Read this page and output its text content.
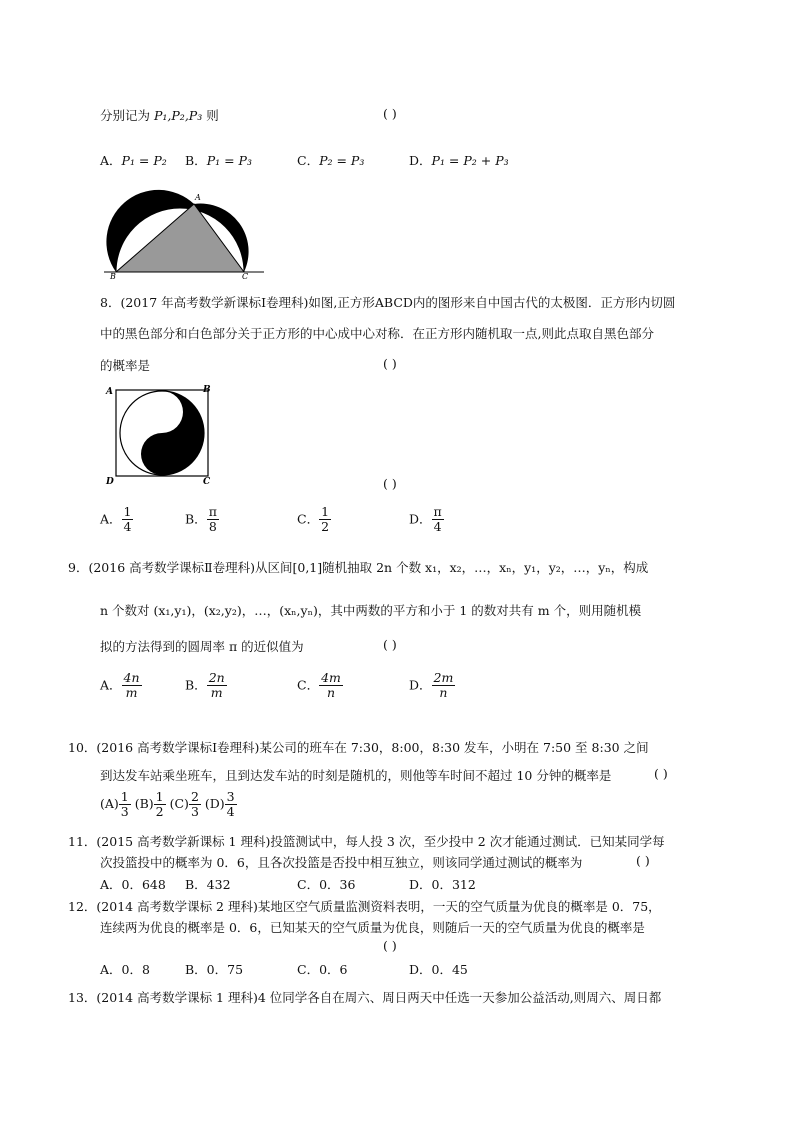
分别记为 P₁,P₂,P₃ 则	( )
A．P₁ = P₂ B．P₁ = P₃	C．P₂ = P₃	D．P₁ = P₂ + P₃
A
B	C
8．(2017 年高考数学新课标Ⅰ卷理科)如图,正方形ABCD内的图形来自中国古代的太极图．正方形内切圆
中的黑色部分和白色部分关于正方形的中心成中心对称．在正方形内随机取一点,则此点取自黑色部分
的概率是	( )
A	B
C
D	( )
A． $\frac{1}{4}$	B． $\frac{\pi}{8}$	C． $\frac{1}{2}$	D． $\frac{\pi}{4}$
9．(2016 高考数学课标Ⅱ卷理科)从区间[0,1]随机抽取 2n 个数 x₁，x₂，…，xₙ，y₁，y₂，…，yₙ，构成
n 个数对 (x₁,y₁)，(x₂,y₂)，…，(xₙ,yₙ)，其中两数的平方和小于 1 的数对共有 m 个，则用随机模
拟的方法得到的圆周率 π 的近似值为	( )
A． $\frac{4n}{m}$	B． $\frac{2n}{m}$	C． $\frac{4m}{n}$	D． $\frac{2m}{n}$
10．(2016 高考数学课标Ⅰ卷理科)某公司的班车在 7:30，8:00，8:30 发车，小明在 7:50 至 8:30 之间
到达发车站乘坐班车，且到达发车站的时刻是随机的，则他等车时间不超过 10 分钟的概率是	( )
$(A) \frac{1}{3} (B) \frac{1}{2} (C) \frac{2}{3} (D) \frac{3}{4}$
11．(2015 高考数学新课标 1 理科)投篮测试中，每人投 3 次，至少投中 2 次才能通过测试．已知某同学每
次投篮投中的概率为 0．6，且各次投篮是否投中相互独立，则该同学通过测试的概率为	( )
A．0．648 B．432	C．0．36	D．0．312
12．(2014 高考数学课标 2 理科)某地区空气质量监测资料表明，一天的空气质量为优良的概率是 0．75，
连续两为优良的概率是 0．6，已知某天的空气质量为优良，则随后一天的空气质量为优良的概率是
( )
A．0．8	B．0．75	C．0．6	D．0．45
13．(2014 高考数学课标 1 理科)4 位同学各自在周六、周日两天中任选一天参加公益活动,则周六、周日都
